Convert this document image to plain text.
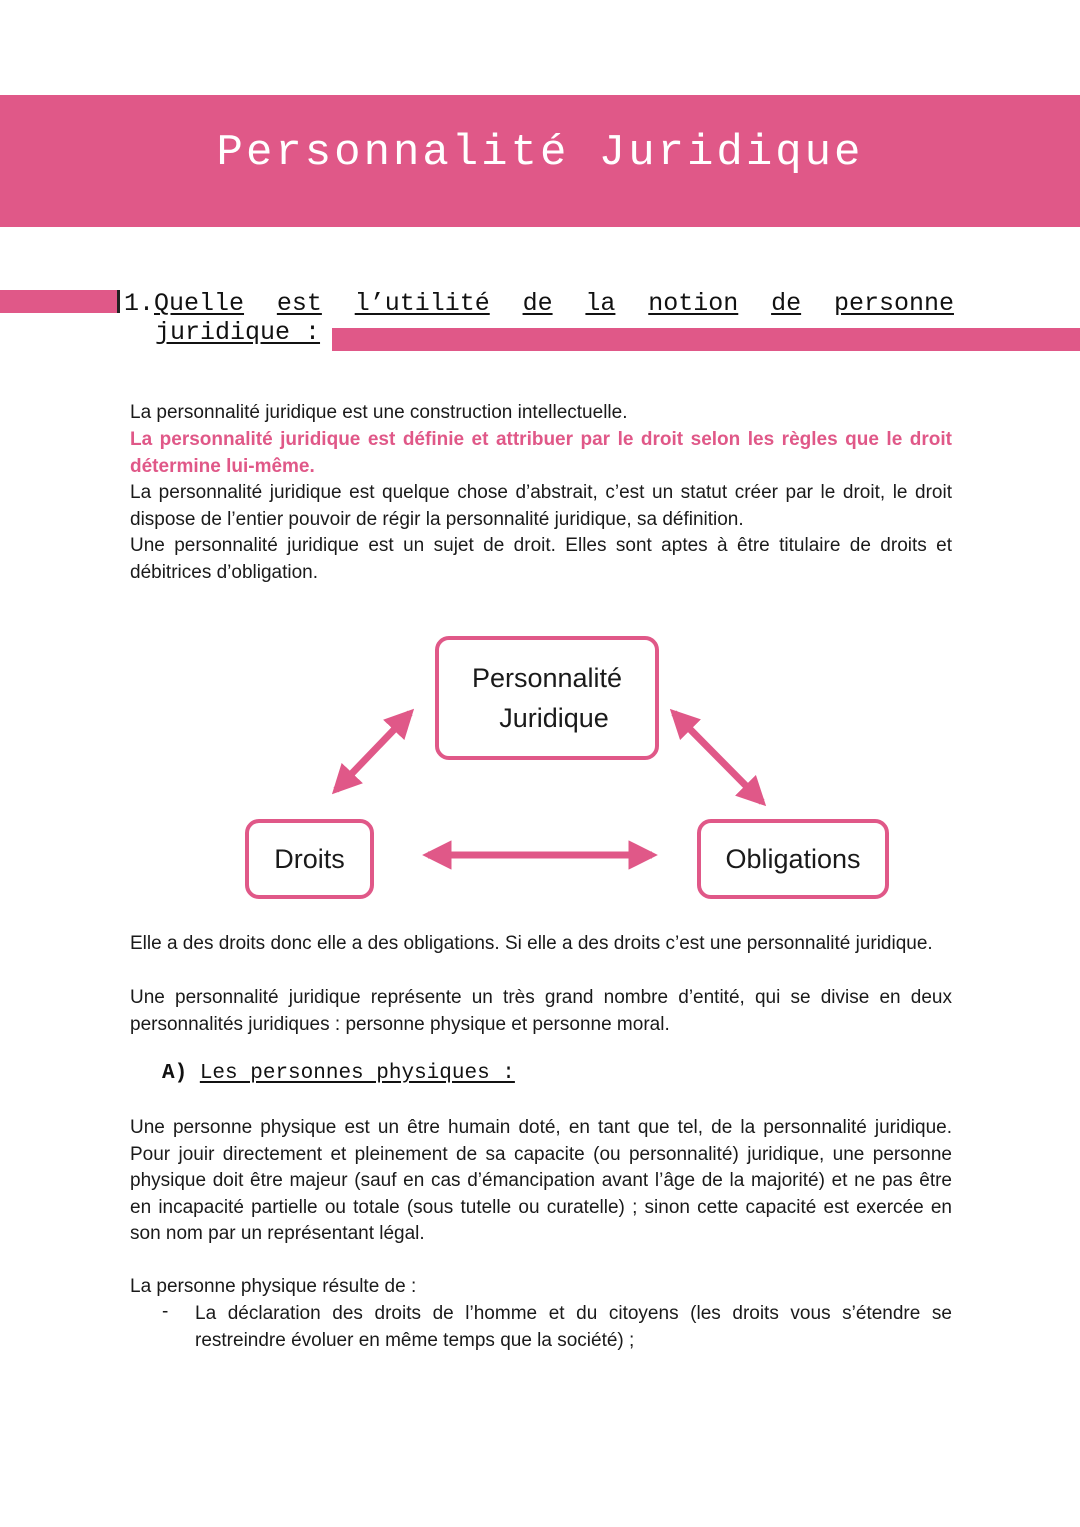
Personnalité Juridique
1.Quelle est l’utilité de la notion de personne
juridique :

La personnalité juridique est une construction intellectuelle.

La personnalité juridique est définie et attribuer par le droit selon les règles que le droit détermine lui-même.

La personnalité juridique est quelque chose d’abstrait, c’est un statut créer par le droit, le droit dispose de l’entier pouvoir de régir la personnalité juridique, sa définition.

Une personnalité juridique est un sujet de droit. Elles sont aptes à être titulaire de droits et débitrices d’obligation.

Personnalité
Juridique
Droits	Obligations

Elle a des droits donc elle a des obligations. Si elle a des droits c’est une personnalité juridique.

Une personnalité juridique représente un très grand nombre d’entité, qui se divise en deux personnalités juridiques : personne physique et personne moral.

A) Les personnes physiques :

Une personne physique est un être humain doté, en tant que tel, de la personnalité juridique. Pour jouir directement et pleinement de sa capacite (ou personnalité) juridique, une personne physique doit être majeur (sauf en cas d’émancipation avant l’âge de la majorité) et ne pas être en incapacité partielle ou totale (sous tutelle ou curatelle) ; sinon cette capacité est exercée en son nom par un représentant légal.

La personne physique résulte de :

- La déclaration des droits de l’homme et du citoyens (les droits vous s’étendre se restreindre évoluer en même temps que la société) ;
